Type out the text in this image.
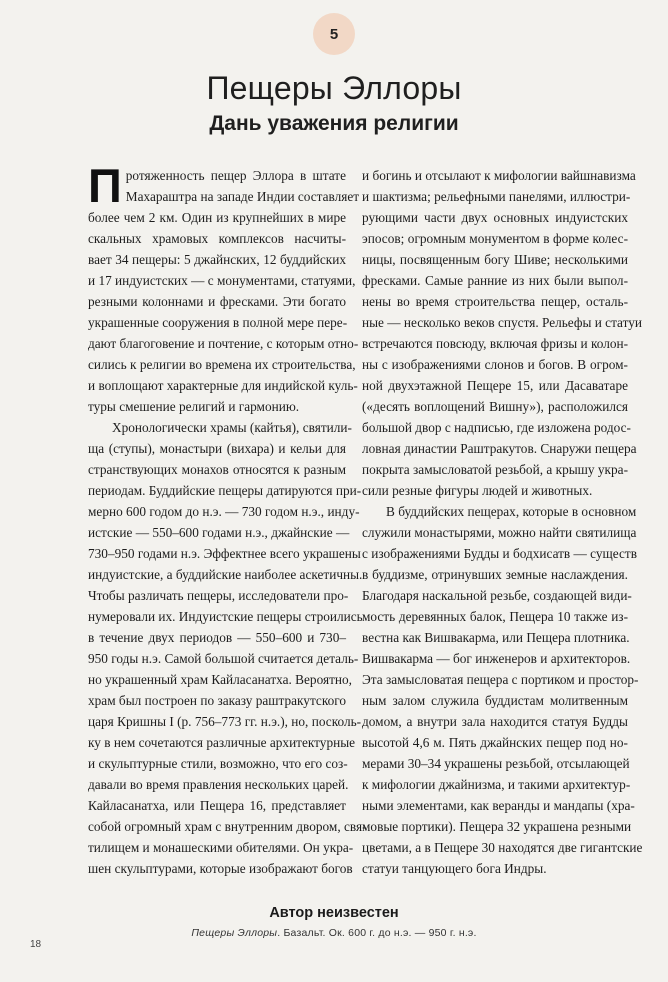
5
Пещеры Эллоры
Дань уважения религии
П ротяженность пещер Эллора в штате
Махараштра на западе Индии составляет
более чем 2 км. Один из крупнейших в мире
скальных храмовых комплексов насчиты-
вает 34 пещеры: 5 джайнских, 12 буддийских
и 17 индуистских — с монументами, статуями,
резными колоннами и фресками. Эти богато
украшенные сооружения в полной мере пере-
дают благоговение и почтение, с которым отно-
сились к религии во времена их строительства,
и воплощают характерные для индийской куль-
туры смешение религий и гармонию.
Хронологически храмы (кайтья), святили-
ща (ступы), монастыри (вихара) и кельи для
странствующих монахов относятся к разным
периодам. Буддийские пещеры датируются при-
мерно 600 годом до н.э. — 730 годом н.э., инду-
истские — 550–600 годами н.э., джайнские —
730–950 годами н.э. Эффектнее всего украшены
индуистские, а буддийские наиболее аскетичны.
Чтобы различать пещеры, исследователи про-
нумеровали их. Индуистские пещеры строились
в течение двух периодов — 550–600 и 730–
950 годы н.э. Самой большой считается деталь-
но украшенный храм Кайласанатха. Вероятно,
храм был построен по заказу раштракутского
царя Кришны I (р. 756–773 гг. н.э.), но, посколь-
ку в нем сочетаются различные архитектурные
и скульптурные стили, возможно, что его соз-
давали во время правления нескольких царей.
Кайласанатха, или Пещера 16, представляет
собой огромный храм с внутренним двором, свя-
тилищем и монашескими обителями. Он укра-
шен скульптурами, которые изображают богов
и богинь и отсылают к мифологии вайшнавизма
и шактизма; рельефными панелями, иллюстри-
рующими части двух основных индуистских
эпосов; огромным монументом в форме колес-
ницы, посвященным богу Шиве; несколькими
фресками. Самые ранние из них были выпол-
нены во время строительства пещер, осталь-
ные — несколько веков спустя. Рельефы и статуи
встречаются повсюду, включая фризы и колон-
ны с изображениями слонов и богов. В огром-
ной двухэтажной Пещере 15, или Дасаватаре
(«десять воплощений Вишну»), расположился
большой двор с надписью, где изложена родос-
ловная династии Раштракутов. Снаружи пещера
покрыта замысловатой резьбой, а крышу укра-
сили резные фигуры людей и животных.
В буддийских пещерах, которые в основном
служили монастырями, можно найти святилища
с изображениями Будды и бодхисатв — существ
в буддизме, отринувших земные наслаждения.
Благодаря наскальной резьбе, создающей види-
мость деревянных балок, Пещера 10 также из-
вестна как Вишвакарма, или Пещера плотника.
Вишвакарма — бог инженеров и архитекторов.
Эта замысловатая пещера с портиком и простор-
ным залом служила буддистам молитвенным
домом, а внутри зала находится статуя Будды
высотой 4,6 м. Пять джайнских пещер под но-
мерами 30–34 украшены резьбой, отсылающей
к мифологии джайнизма, и такими архитектур-
ными элементами, как веранды и мандапы (хра-
мовые портики). Пещера 32 украшена резными
цветами, а в Пещере 30 находятся две гигантские
статуи танцующего бога Индры.
Автор неизвестен
Пещеры Эллоры. Базальт. Ок. 600 г. до н.э. — 950 г. н.э.
18
